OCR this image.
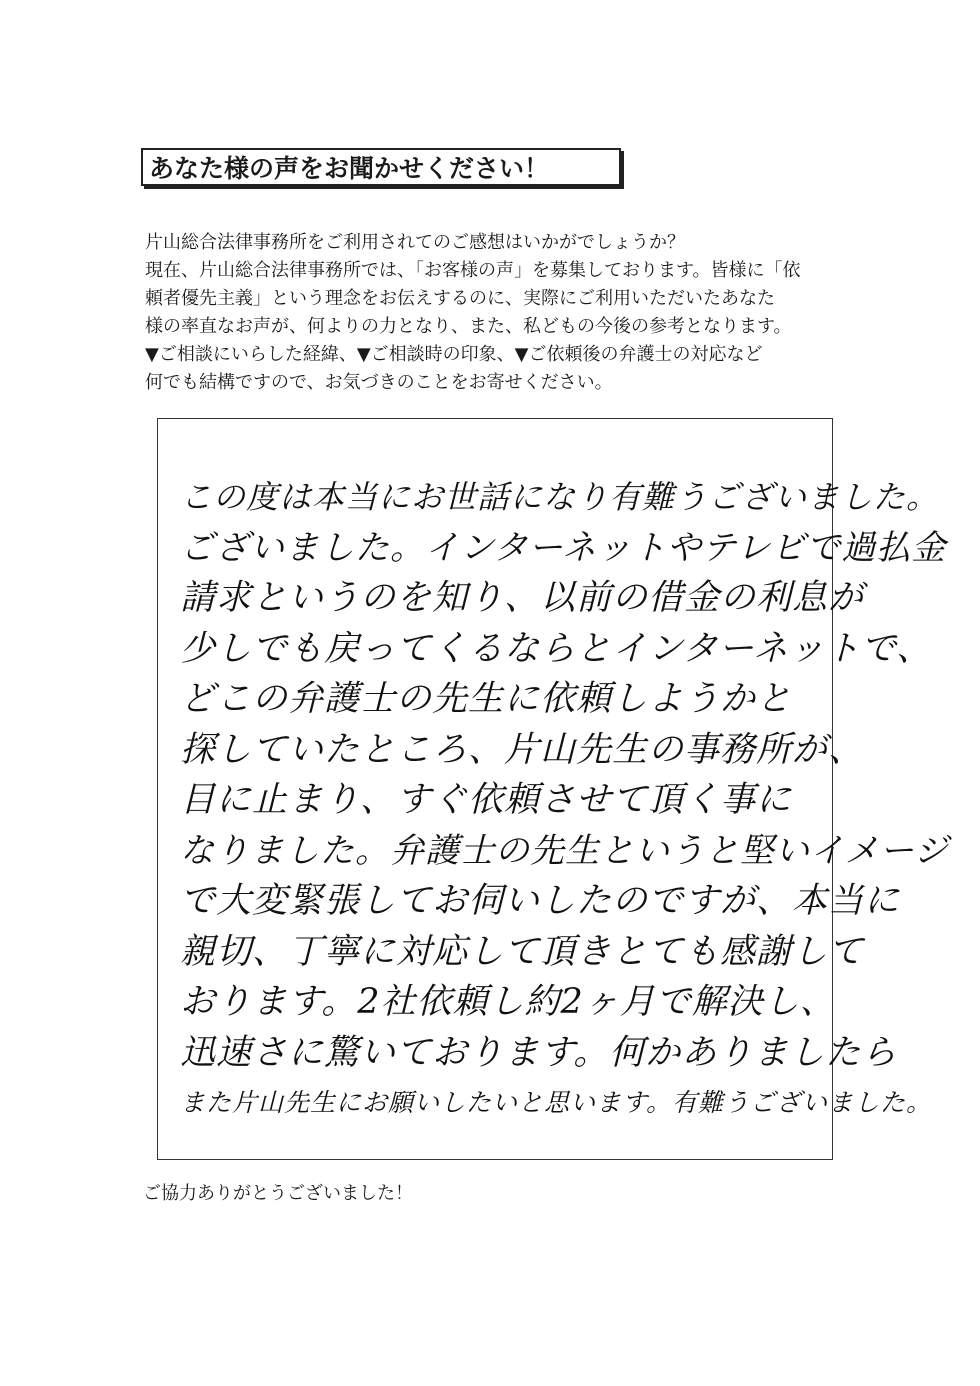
あなた様の声をお聞かせください！
片山総合法律事務所をご利用されてのご感想はいかがでしょうか？
現在、片山総合法律事務所では、「お客様の声」を募集しております。皆様に「依
頼者優先主義」という理念をお伝えするのに、実際にご利用いただいたあなた
様の率直なお声が、何よりの力となり、また、私どもの今後の参考となります。
▼ご相談にいらした経緯、▼ご相談時の印象、▼ご依頼後の弁護士の対応など
何でも結構ですので、お気づきのことをお寄せください。
この度は本当にお世話になり有難うございました。
ございました。インターネットやテレビで過払金
請求というのを知り、以前の借金の利息が
少しでも戻ってくるならとインターネットで、
どこの弁護士の先生に依頼しようかと
探していたところ、片山先生の事務所が、
目に止まり、すぐ依頼させて頂く事に
なりました。弁護士の先生というと堅いイメージ
で大変緊張してお伺いしたのですが、本当に
親切、丁寧に対応して頂きとても感謝して
おります。2社依頼し約2ヶ月で解決し、
迅速さに驚いております。何かありましたら
また片山先生にお願いしたいと思います。有難うございました。
ご協力ありがとうございました！
